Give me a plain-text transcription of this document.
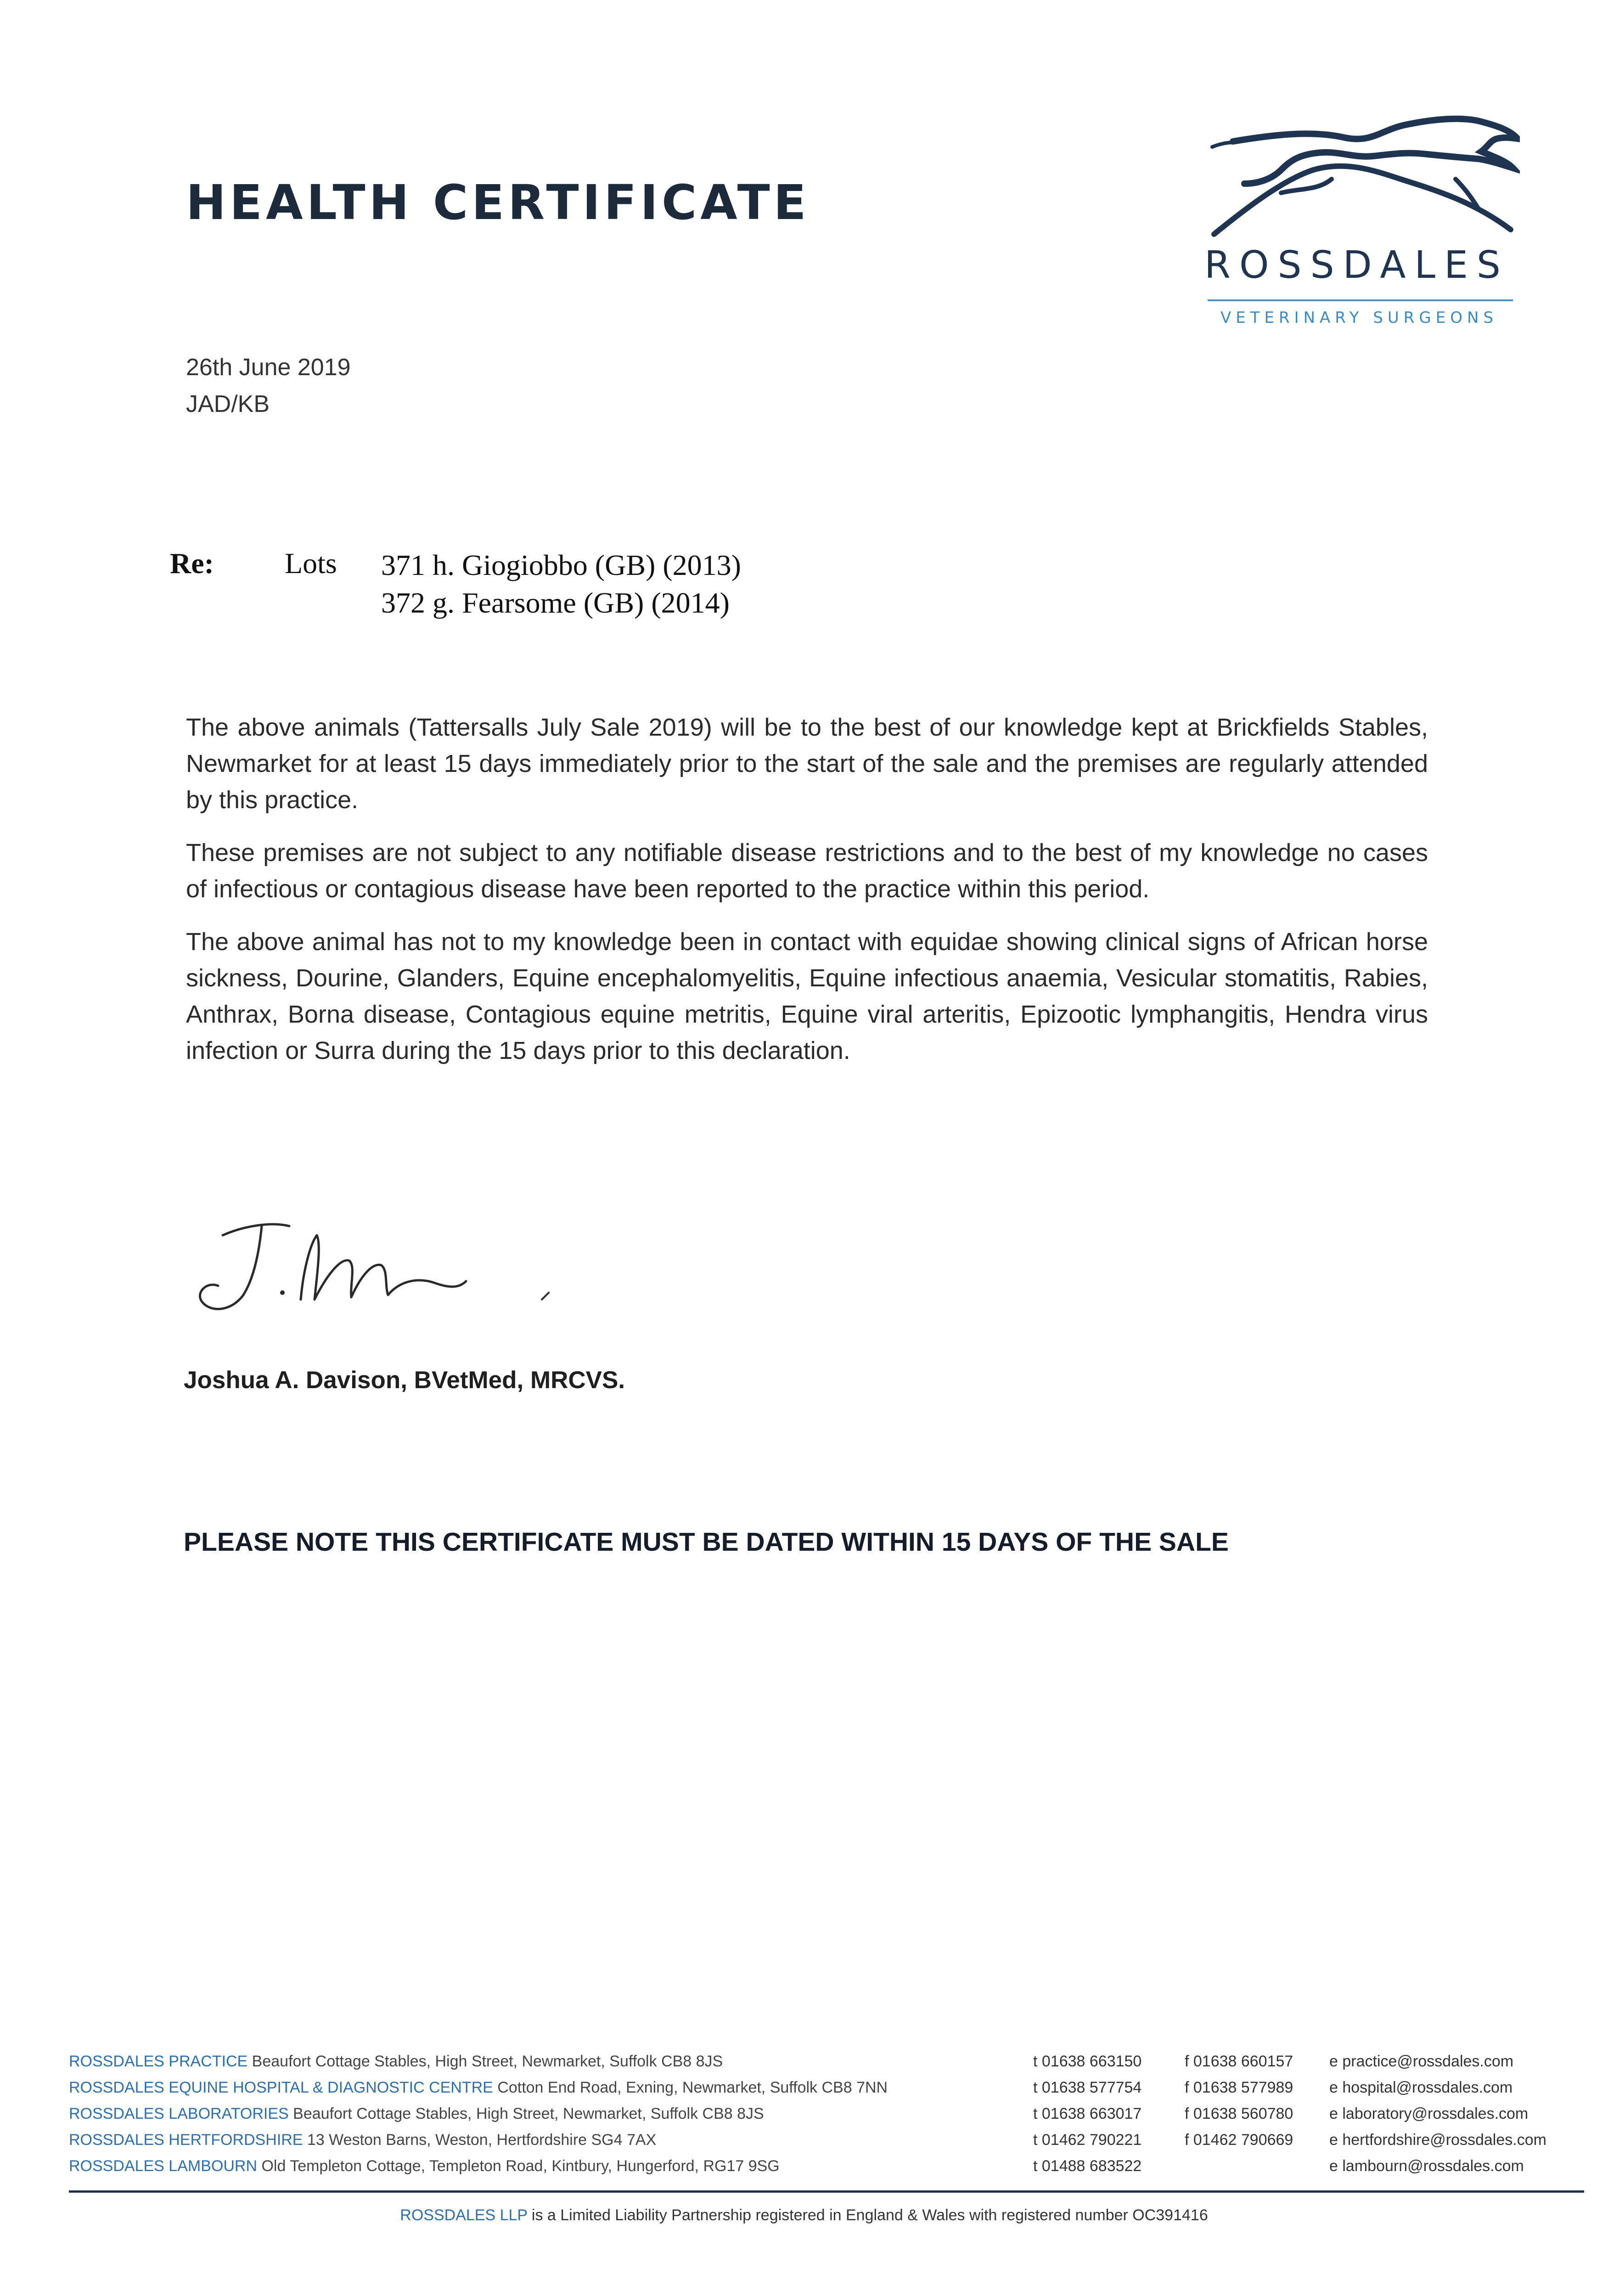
HEALTH CERTIFICATE
ROSSDALES
VETERINARY SURGEONS
26th June 2019
JAD/KB
Re: Lots 371 h. Giogiobbo (GB) (2013)
372 g. Fearsome (GB) (2014)

The above animals (Tattersalls July Sale 2019) will be to the best of our knowledge kept at Brickfields Stables, Newmarket for at least 15 days immediately prior to the start of the sale and the premises are regularly attended by this practice.

These premises are not subject to any notifiable disease restrictions and to the best of my knowledge no cases of infectious or contagious disease have been reported to the practice within this period.

The above animal has not to my knowledge been in contact with equidae showing clinical signs of African horse sickness, Dourine, Glanders, Equine encephalomyelitis, Equine infectious anaemia, Vesicular stomatitis, Rabies, Anthrax, Borna disease, Contagious equine metritis, Equine viral arteritis, Epizootic lymphangitis, Hendra virus infection or Surra during the 15 days prior to this declaration.

Joshua A. Davison, BVetMed, MRCVS.
PLEASE NOTE THIS CERTIFICATE MUST BE DATED WITHIN 15 DAYS OF THE SALE
ROSSDALES PRACTICE Beaufort Cottage Stables, High Street, Newmarket, Suffolk CB8 8JS	t 01638 663150	f 01638 660157 e practice@rossdales.com
ROSSDALES EQUINE HOSPITAL & DIAGNOSTIC CENTRE Cotton End Road, Exning, Newmarket, Suffolk CB8 7NN	t 01638 577754	f 01638 577989 e hospital@rossdales.com
ROSSDALES LABORATORIES Beaufort Cottage Stables, High Street, Newmarket, Suffolk CB8 8JS	t 01638 663017	f 01638 560780 e laboratory@rossdales.com
ROSSDALES HERTFORDSHIRE 13 Weston Barns, Weston, Hertfordshire SG4 7AX	t 01462 790221	f 01462 790669 e hertfordshire@rossdales.com
ROSSDALES LAMBOURN Old Templeton Cottage, Templeton Road, Kintbury, Hungerford, RG17 9SG	t 01488 683522	e lambourn@rossdales.com
ROSSDALES LLP is a Limited Liability Partnership registered in England & Wales with registered number OC391416
